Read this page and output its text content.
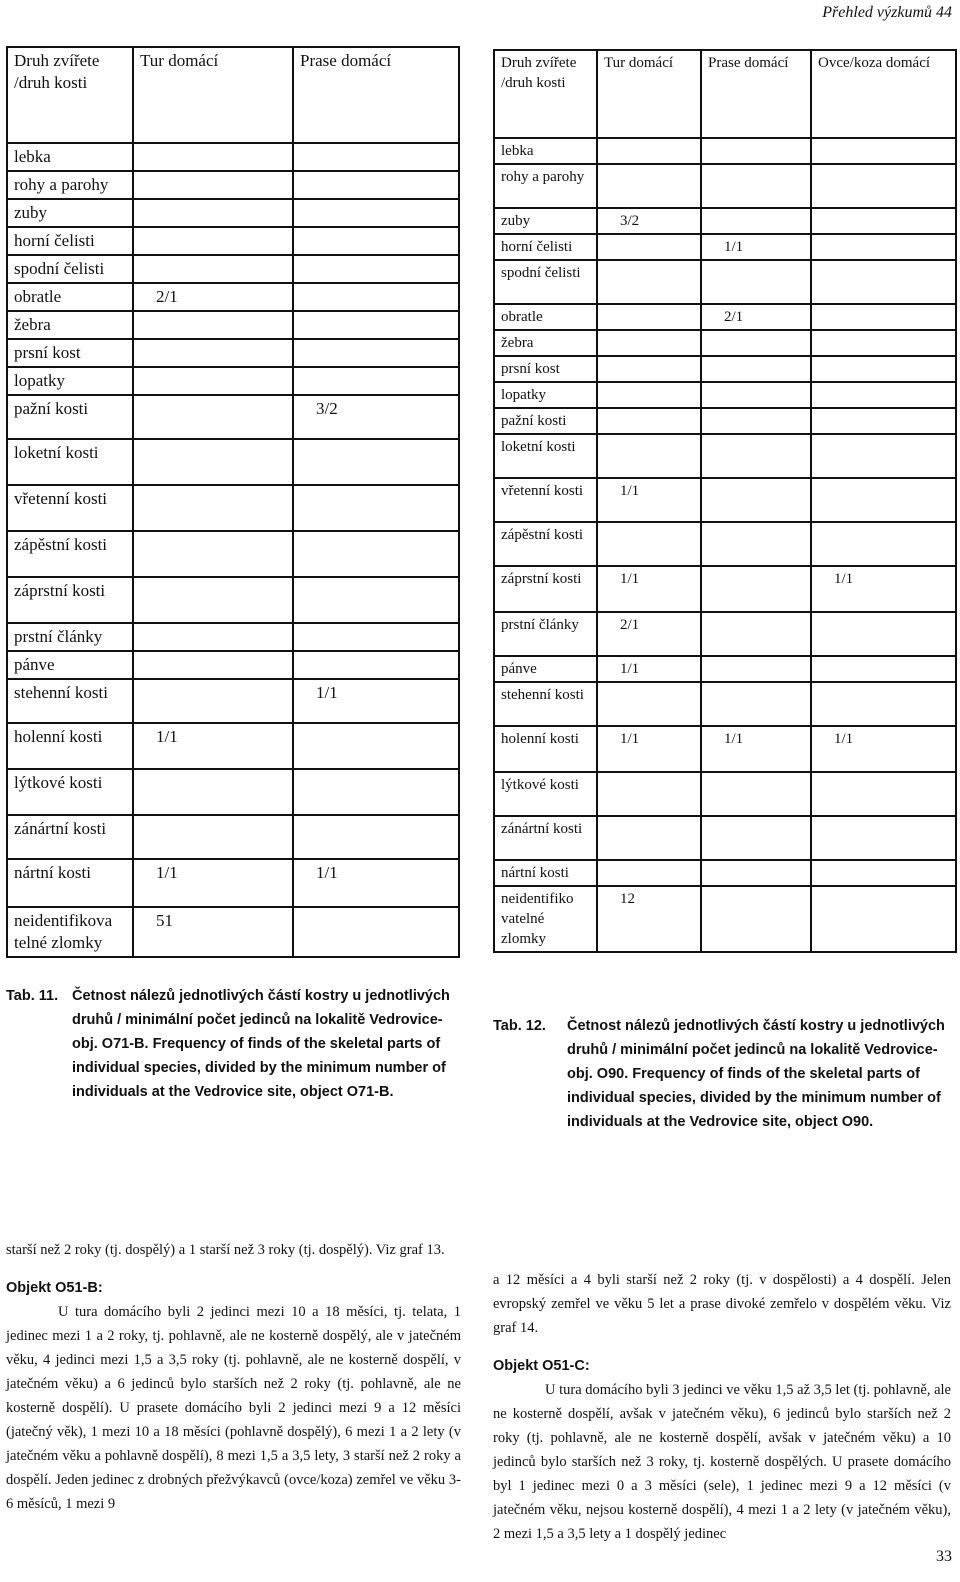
Přehled výzkumů 44
Druh zvířete /druh kosti	Tur domácí	Prase domácí
lebka		
rohy a parohy		
zuby		
horní čelisti		
spodní čelisti		
obratle	2/1	
žebra		
prsní kost		
lopatky		
pažní kosti		3/2
loketní kosti		
vřetenní kosti		
zápěstní kosti		
záprstní kosti		
prstní články		
pánve		
stehenní kosti		1/1
holenní kosti	1/1	
lýtkové kosti		
zánártní kosti		
nártní kosti	1/1	1/1
neidentifikova telné zlomky	51	
Druh zvířete /druh kosti	Tur domácí	Prase domácí	Ovce/koza domácí
lebka			
rohy a parohy			
zuby	3/2		
horní čelisti		1/1	
spodní čelisti			
obratle		2/1	
žebra			
prsní kost			
lopatky			
pažní kosti			
loketní kosti			
vřetenní kosti	1/1		
zápěstní kosti			
záprstní kosti	1/1		1/1
prstní články	2/1		
pánve	1/1		
stehenní kosti			
holenní kosti	1/1	1/1	1/1
lýtkové kosti			
zánártní kosti			
nártní kosti			
neidentifiko vatelné zlomky	12		
Tab. 11. Četnost nálezů jednotlivých částí kostry u jednotlivých druhů / minimální počet jedinců na lokalitě Vedrovice-obj. O71-B. Frequency of finds of the skeletal parts of individual species, divided by the minimum number of individuals at the Vedrovice site, object O71-B.
Tab. 12. Četnost nálezů jednotlivých částí kostry u jednotlivých druhů / minimální počet jedinců na lokalitě Vedrovice-obj. O90. Frequency of finds of the skeletal parts of individual species, divided by the minimum number of individuals at the Vedrovice site, object O90.

starší než 2 roky (tj. dospělý) a 1 starší než 3 roky (tj. dospělý). Viz graf 13.

Objekt O51-B:

U tura domácího byli 2 jedinci mezi 10 a 18 měsíci, tj. telata, 1 jedinec mezi 1 a 2 roky, tj. pohlavně, ale ne kosterně dospělý, ale v jatečném věku, 4 jedinci mezi 1,5 a 3,5 roky (tj. pohlavně, ale ne kosterně dospělí, v jatečném věku) a 6 jedinců bylo starších než 2 roky (tj. pohlavně, ale ne kosterně dospělí). U prasete domácího byli 2 jedinci mezi 9 a 12 měsíci (jatečný věk), 1 mezi 10 a 18 měsíci (pohlavně dospělý), 6 mezi 1 a 2 lety (v jatečném věku a pohlavně dospělí), 8 mezi 1,5 a 3,5 lety, 3 starší než 2 roky a dospělí. Jeden jedinec z drobných přežvýkavců (ovce/koza) zemřel ve věku 3-6 měsíců, 1 mezi 9

a 12 měsíci a 4 byli starší než 2 roky (tj. v dospělosti) a 4 dospělí. Jelen evropský zemřel ve věku 5 let a prase divoké zemřelo v dospělém věku. Viz graf 14.

Objekt O51-C:

U tura domácího byli 3 jedinci ve věku 1,5 až 3,5 let (tj. pohlavně, ale ne kosterně dospělí, avšak v jatečném věku), 6 jedinců bylo starších než 2 roky (tj. pohlavně, ale ne kosterně dospělí, avšak v jatečném věku) a 10 jedinců bylo starších než 3 roky, tj. kosterně dospělých. U prasete domácího byl 1 jedinec mezi 0 a 3 měsíci (sele), 1 jedinec mezi 9 a 12 měsíci (v jatečném věku, nejsou kosterně dospělí), 4 mezi 1 a 2 lety (v jatečném věku), 2 mezi 1,5 a 3,5 lety a 1 dospělý jedinec

33
